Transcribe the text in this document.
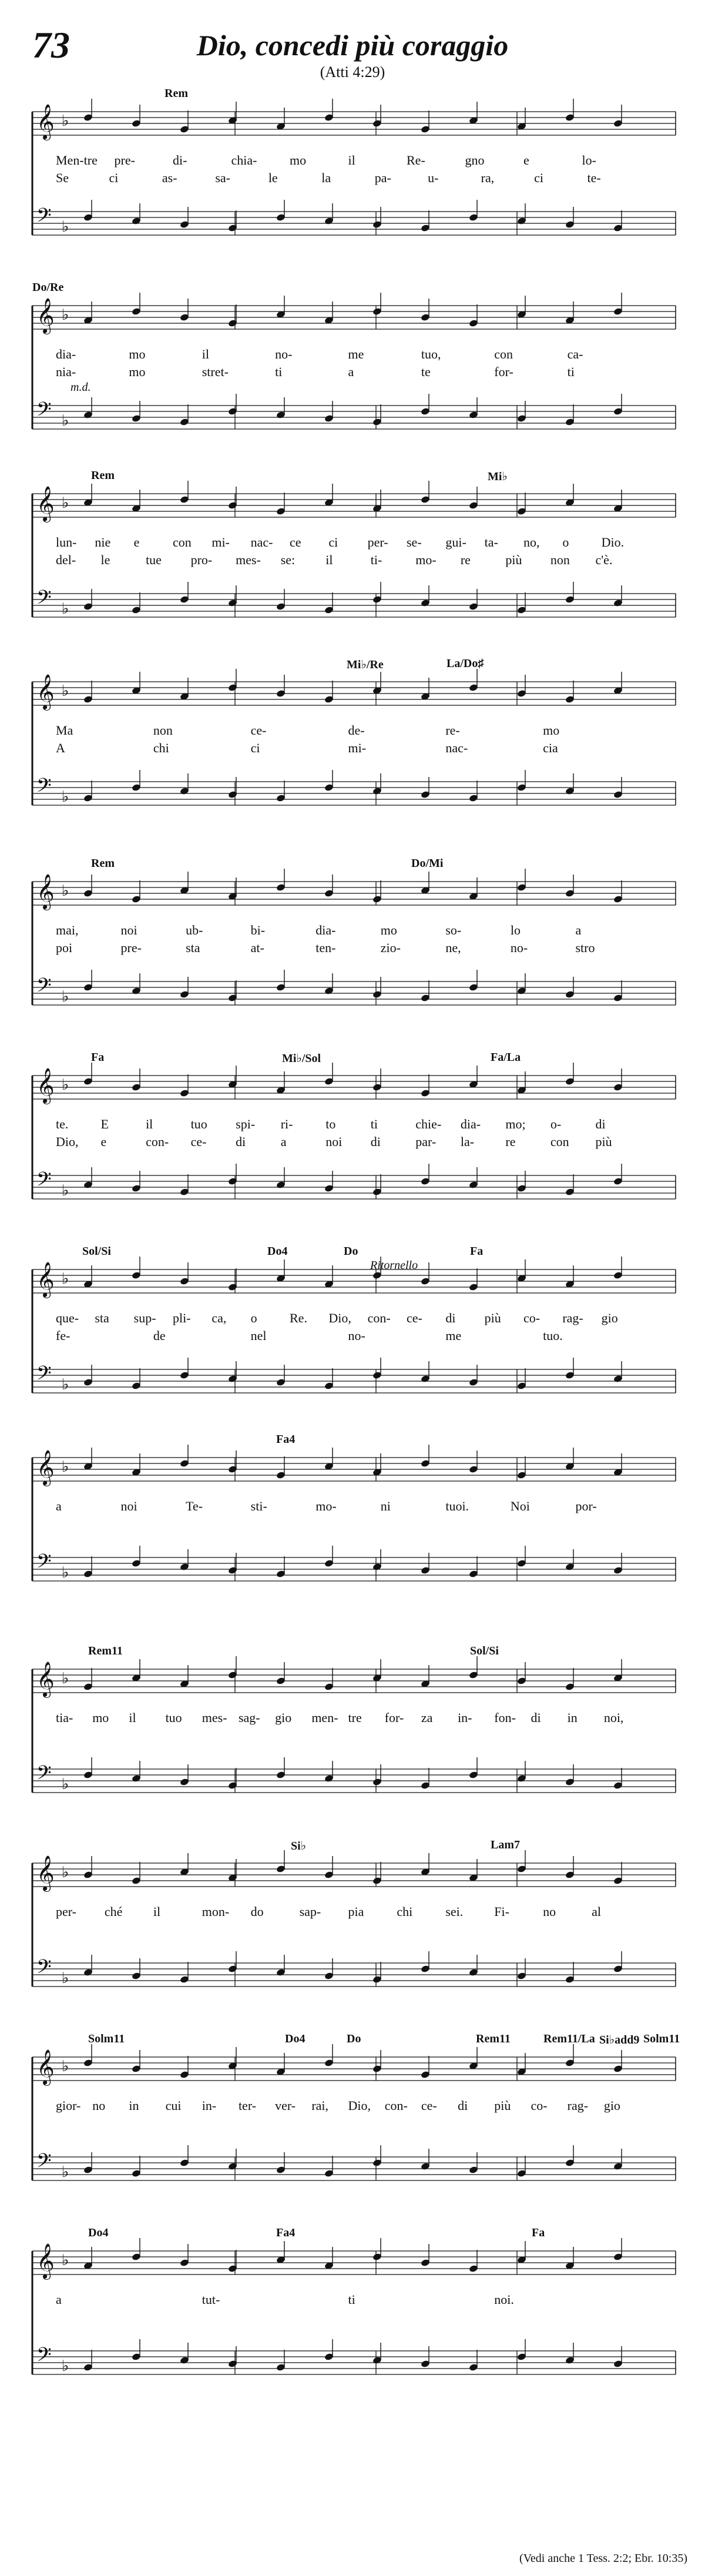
73	Dio, concedi più coraggio
(Atti 4:29)
𝄞 ♭
𝄢 ♭
Rem
Men-tre pre-	di-	chia-	mo	il	Re-	gno	e	lo-
Se	ci	as-	sa-	le	la	pa-	u-	ra,	ci	te-
𝄞 ♭
𝄢 ♭
Do/Re
dia-	mo	il	no-	me	tuo,	con	ca-
nia-	mo	stret-	ti	a	te	for-	ti
m.d.
𝄞 ♭
𝄢 ♭
Rem	Mi♭
lun- nie e	con mi- nac- ce ci per- se- gui- ta- no, o	Dio.
del- le	tue pro- mes- se: il	ti-	mo- re	più non c'è.
𝄞 ♭
𝄢 ♭
Mi♭/Re	La/Do♯
Ma	non	ce-	de-	re-	mo
A	chi	ci	mi-	nac-	cia
𝄞 ♭
𝄢 ♭
Rem	Do/Mi
mai,	noi	ub-	bi-	dia-	mo	so-	lo	a
poi	pre-	sta	at-	ten-	zio-	ne,	no-	stro
𝄞 ♭
𝄢 ♭
Fa	Mi♭/Sol	Fa/La
te.	E	il	tuo spi- ri-	to	ti	chie- dia- mo; o-	di
Dio, e	con- ce- di	a	noi di	par- la- re	con più
𝄞 ♭
𝄢 ♭
Sol/Si	Do4	Do	Fa
que- sta sup- pli- ca, o	Re. Dio, con- ce- di più co- rag- gio
fe-	de	nel	no-	me	tuo.
Ritornello
𝄞 ♭
𝄢 ♭
Fa4
a	noi	Te-	sti-	mo-	ni	tuoi.	Noi	por-
𝄞 ♭
𝄢 ♭
Rem11	Sol/Si
tia- mo il tuo mes- sag- gio men- tre for- za in- fon- di in noi,
𝄞 ♭
𝄢 ♭
Si♭	Lam7
per- ché il	mon- do	sap- pia	chi	sei. Fi-	no	al
𝄞 ♭
𝄢 ♭
Solm11	Do4	Do	Rem11	Rem11/La Si♭add9 Solm11
gior- no in cui in- ter- ver- rai, Dio, con- ce- di più co- rag- gio
𝄞 ♭
𝄢 ♭
Do4	Fa4	Fa
a	tut-	ti	noi.
(Vedi anche 1 Tess. 2:2; Ebr. 10:35)
